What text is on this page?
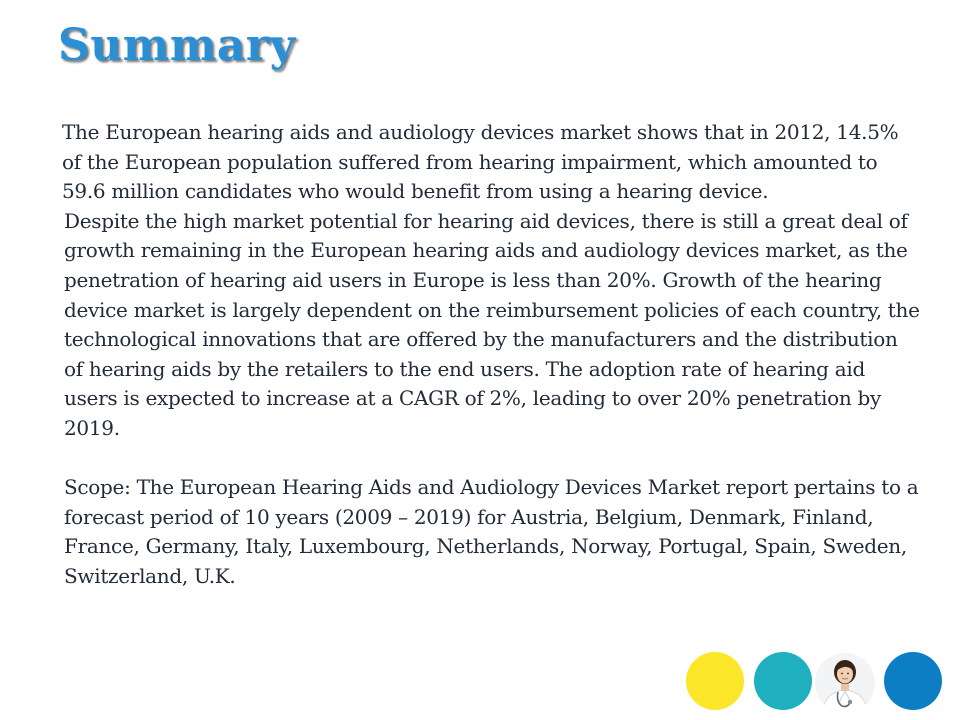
Summary

The European hearing aids and audiology devices market shows that in 2012, 14.5% of the European population suffered from hearing impairment, which amounted to 59.6 million candidates who would benefit from using a hearing device.

Despite the high market potential for hearing aid devices, there is still a great deal of growth remaining in the European hearing aids and audiology devices market, as the penetration of hearing aid users in Europe is less than 20%. Growth of the hearing device market is largely dependent on the reimbursement policies of each country, the technological innovations that are offered by the manufacturers and the distribution of hearing aids by the retailers to the end users. The adoption rate of hearing aid users is expected to increase at a CAGR of 2%, leading to over 20% penetration by 2019.

Scope: The European Hearing Aids and Audiology Devices Market report pertains to a forecast period of 10 years (2009 – 2019) for Austria, Belgium, Denmark, Finland, France, Germany, Italy, Luxembourg, Netherlands, Norway, Portugal, Spain, Sweden, Switzerland, U.K.
